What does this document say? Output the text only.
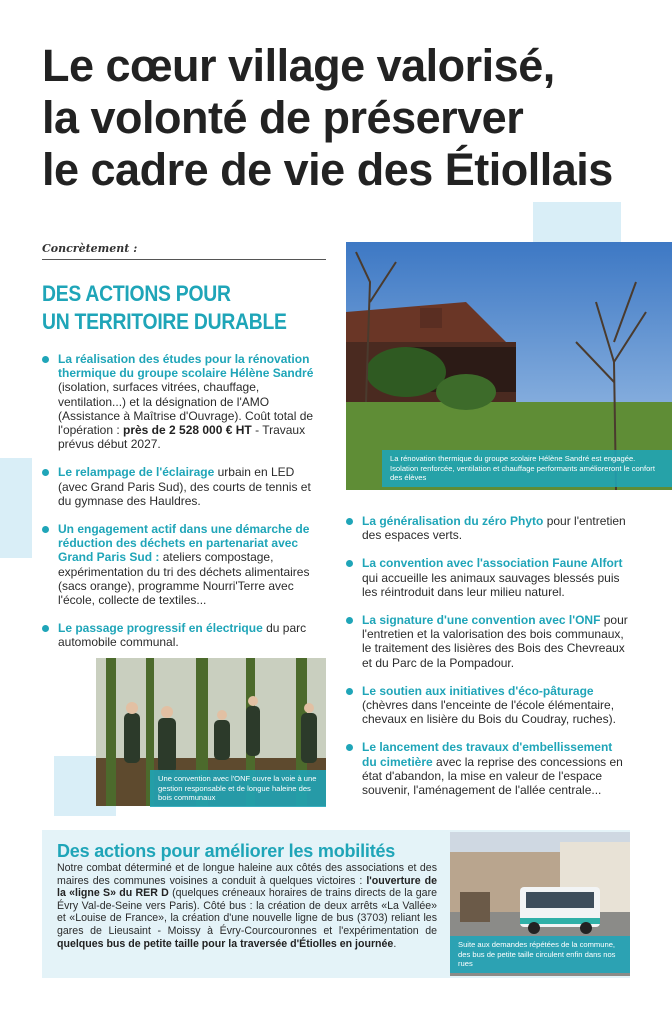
Le cœur village valorisé,
la volonté de préserver
le cadre de vie des Étiollais
Concrètement :
DES ACTIONS POUR
UN TERRITOIRE DURABLE
La réalisation des études pour la rénovation thermique du groupe scolaire Hélène Sandré (isolation, surfaces vitrées, chauffage, ventilation...) et la désignation de l'AMO (Assistance à Maîtrise d'Ouvrage). Coût total de l'opération : près de 2 528 000 € HT - Travaux prévus début 2027.
Le relampage de l'éclairage urbain en LED (avec Grand Paris Sud), des courts de tennis et du gymnase des Hauldres.
Un engagement actif dans une démarche de réduction des déchets en partenariat avec Grand Paris Sud : ateliers compostage, expérimentation du tri des déchets alimentaires (sacs orange), programme Nourri'Terre avec l'école, collecte de textiles...
Le passage progressif en électrique du parc automobile communal.
La généralisation du zéro Phyto pour l'entretien des espaces verts.
La convention avec l'association Faune Alfort qui accueille les animaux sauvages blessés puis les réintroduit dans leur milieu naturel.
La signature d'une convention avec l'ONF pour l'entretien et la valorisation des bois communaux, le traitement des lisières des Bois des Chevreaux et du Parc de la Pompadour.
Le soutien aux initiatives d'éco-pâturage (chèvres dans l'enceinte de l'école élémentaire, chevaux en lisière du Bois du Coudray, ruches).
Le lancement des travaux d'embellissement du cimetière avec la reprise des concessions en état d'abandon, la mise en valeur de l'espace souvenir, l'aménagement de l'allée centrale...
La rénovation thermique du groupe scolaire Hélène Sandré est engagée. Isolation renforcée, ventilation et chauffage performants amélioreront le confort des élèves
Une convention avec l'ONF ouvre la voie à une gestion responsable et de longue haleine des bois communaux
Des actions pour améliorer les mobilités
Notre combat déterminé et de longue haleine aux côtés des associations et des maires des communes voisines a conduit à quelques victoires : l'ouverture de la «ligne S» du RER D (quelques créneaux horaires de trains directs de la gare Évry Val-de-Seine vers Paris). Côté bus : la création de deux arrêts «La Vallée» et «Louise de France», la création d'une nouvelle ligne de bus (3703) reliant les gares de Lieusaint - Moissy à Évry-Courcouronnes et l'expérimentation de quelques bus de petite taille pour la traversée d'Étiolles en journée.	Suite aux demandes répétées de la commune, des bus de petite taille circulent enfin dans nos rues
